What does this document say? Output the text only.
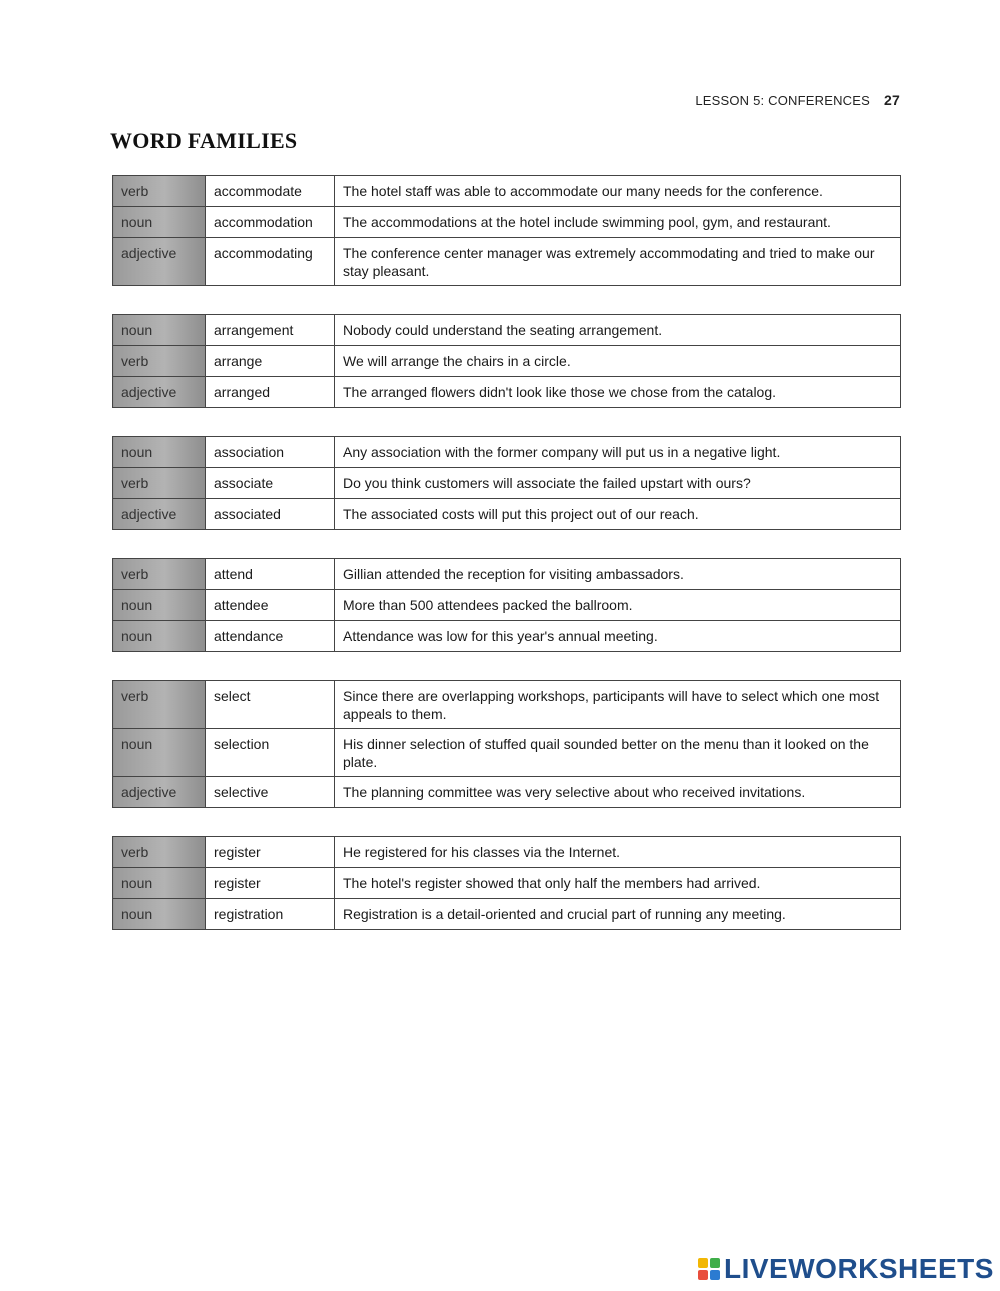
LESSON 5: CONFERENCES 27
WORD FAMILIES
verb	accommodate	The hotel staff was able to accommodate our many needs for the conference.
noun	accommodation	The accommodations at the hotel include swimming pool, gym, and restaurant.
adjective	accommodating	The conference center manager was extremely accommodating and tried to make our stay pleasant.
noun	arrangement	Nobody could understand the seating arrangement.
verb	arrange	We will arrange the chairs in a circle.
adjective	arranged	The arranged flowers didn't look like those we chose from the catalog.
noun	association	Any association with the former company will put us in a negative light.
verb	associate	Do you think customers will associate the failed upstart with ours?
adjective	associated	The associated costs will put this project out of our reach.
verb	attend	Gillian attended the reception for visiting ambassadors.
noun	attendee	More than 500 attendees packed the ballroom.
noun	attendance	Attendance was low for this year's annual meeting.
verb	select	Since there are overlapping workshops, participants will have to select which one most appeals to them.
noun	selection	His dinner selection of stuffed quail sounded better on the menu than it looked on the plate.
adjective	selective	The planning committee was very selective about who received invitations.
verb	register	He registered for his classes via the Internet.
noun	register	The hotel's register showed that only half the members had arrived.
noun	registration	Registration is a detail-oriented and crucial part of running any meeting.
LIVEWORKSHEETS
